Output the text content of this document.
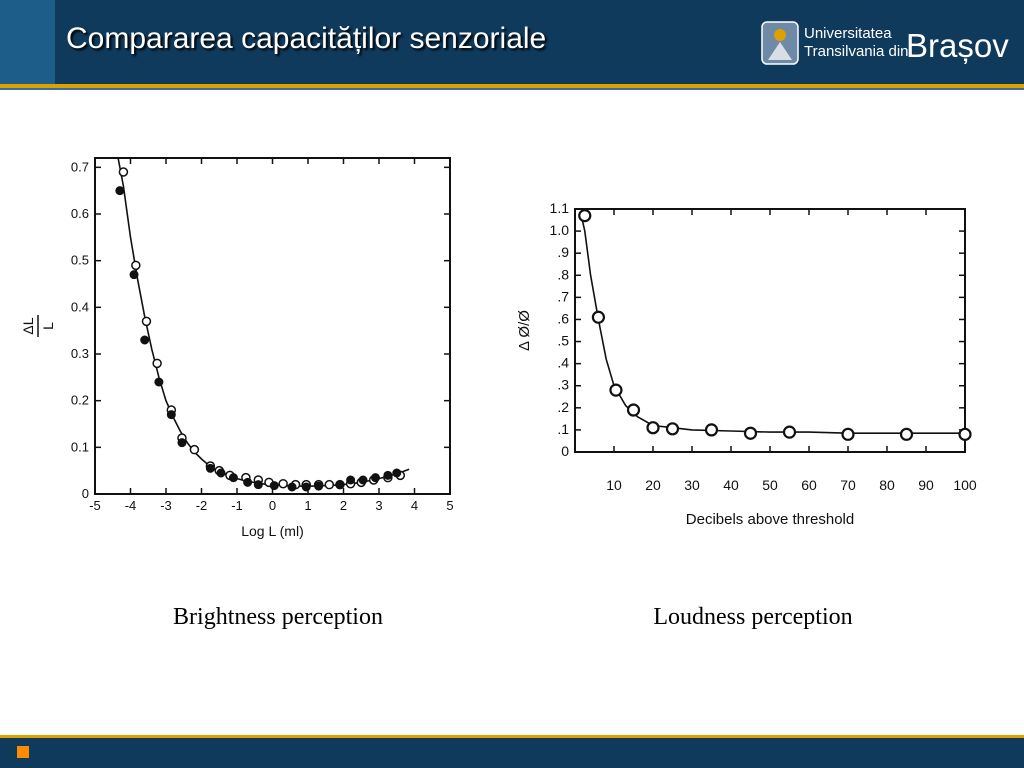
Compararea capacităților senzoriale	Universitatea
Transilvania din
Brașov
-5 -4 -3 -2 -1 0 1 2 3 4 5
0
0.1
0.2
0.3
0.4
0.5
0.6
0.7
Log L (ml)
ΔL L
10 20 30 40 50 60 70 80 90 100
0
.1
.2
.3
.4
.5
.6
.7
.8
.9
1.0
1.1
Decibels above threshold
Δ Ø/Ø
Brightness perception	Loudness perception
